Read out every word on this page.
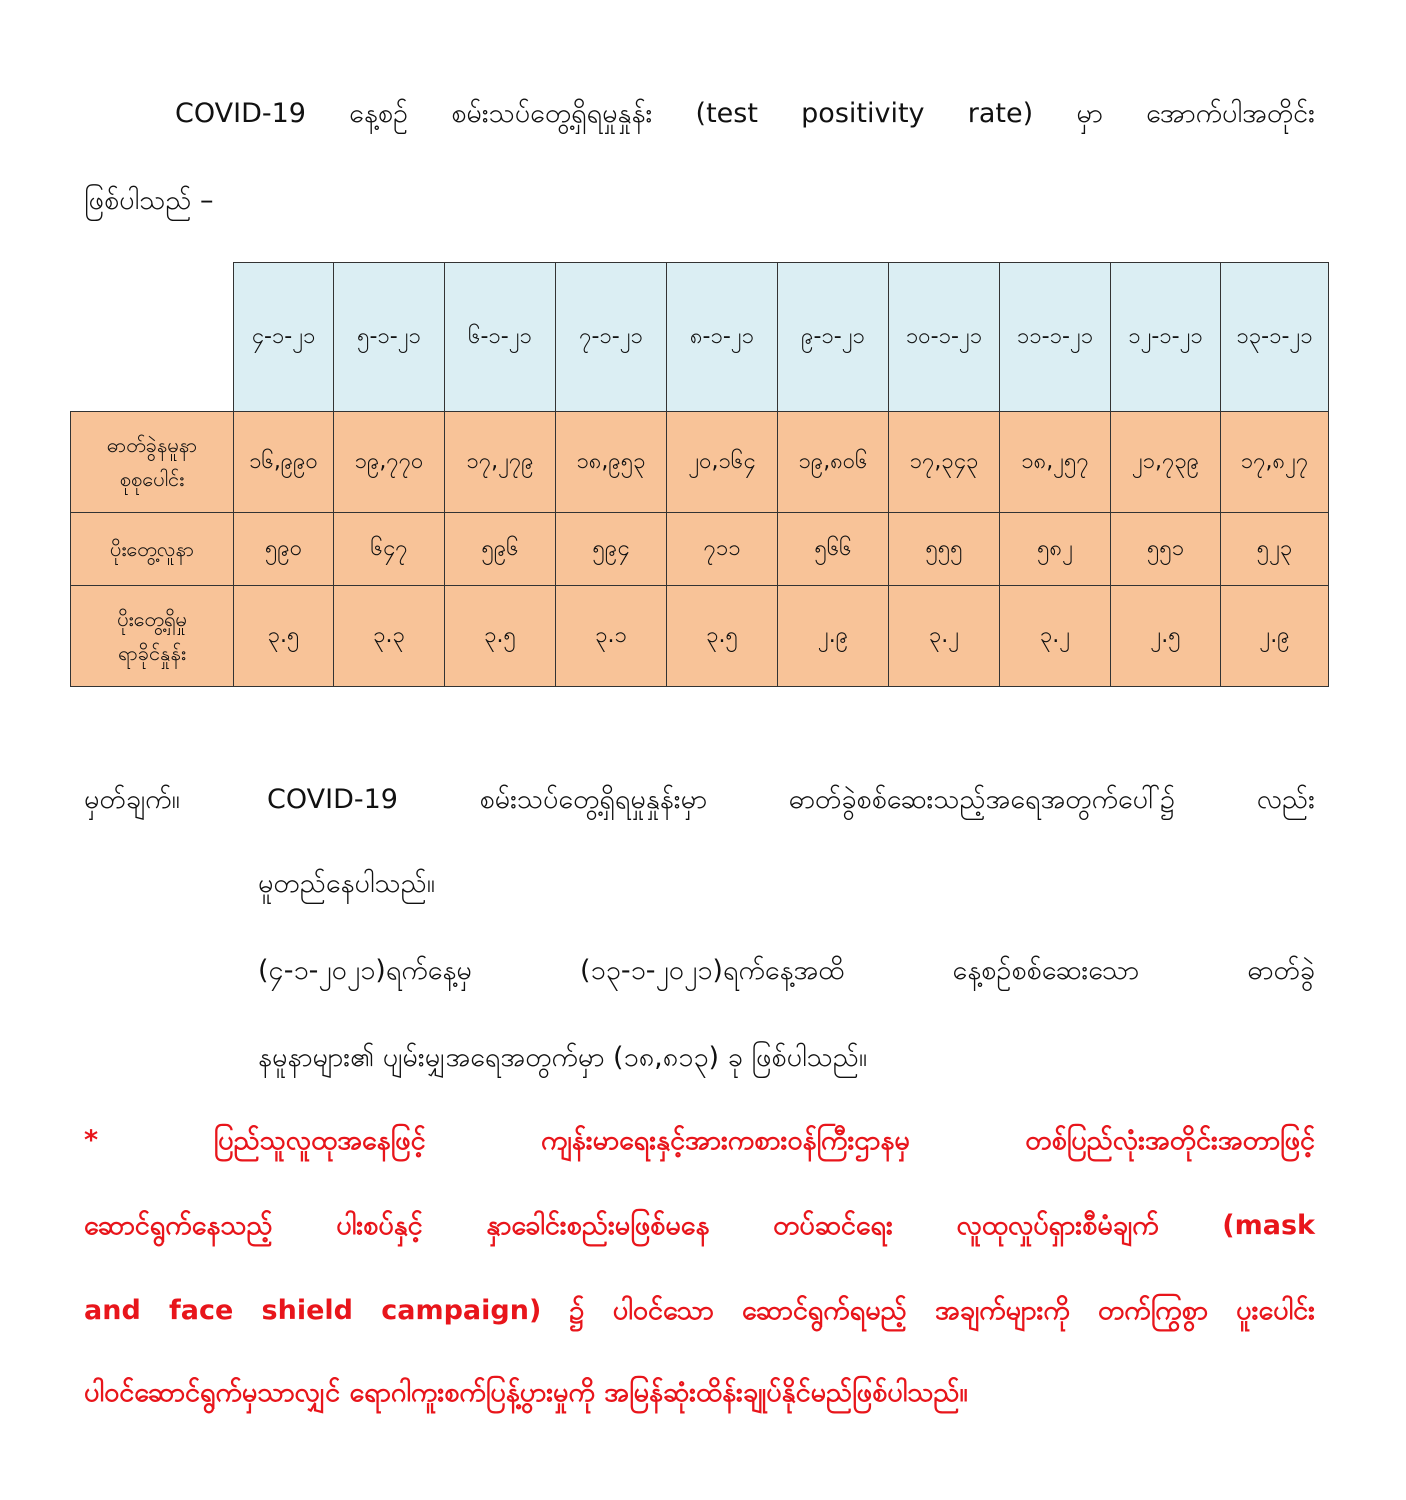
COVID-19 နေ့စဉ် စမ်းသပ်တွေ့ရှိရမှုနှုန်း (test positivity rate) မှာ အောက်ပါအတိုင်း

ဖြစ်ပါသည် –

	၄-၁-၂၁	၅-၁-၂၁	၆-၁-၂၁	၇-၁-၂၁	၈-၁-၂၁	၉-၁-၂၁	၁၀-၁-၂၁	၁၁-၁-၂၁	၁၂-၁-၂၁	၁၃-၁-၂၁

ဓာတ်ခွဲနမူနာ
စုစုပေါင်း	၁၆,၉၉၀	၁၉,၇၇၀	၁၇,၂၇၉	၁၈,၉၅၃	၂၀,၁၆၄	၁၉,၈၀၆	၁၇,၃၄၃	၁၈,၂၅၇	၂၁,၇၃၉	၁၇,၈၂၇

ပိုးတွေ့လူနာ	၅၉၀	၆၄၇	၅၉၆	၅၉၄	၇၁၁	၅၆၆	၅၅၅	၅၈၂	၅၅၁	၅၂၃

ပိုးတွေ့ရှိမှု
ရာခိုင်နှုန်း	၃.၅	၃.၃	၃.၅	၃.၁	၃.၅	၂.၉	၃.၂	၃.၂	၂.၅	၂.၉

မှတ်ချက်။	COVID-19 စမ်းသပ်တွေ့ရှိရမှုနှုန်းမှာ ဓာတ်ခွဲစစ်ဆေးသည့်အရေအတွက်ပေါ်၌ လည်း

မူတည်နေပါသည်။

(၄-၁-၂၀၂၁)ရက်နေ့မှ (၁၃-၁-၂၀၂၁)ရက်နေ့အထိ နေ့စဉ်စစ်ဆေးသော ဓာတ်ခွဲ

နမူနာများ၏ ပျမ်းမျှအရေအတွက်မှာ (၁၈,၈၁၃) ခု ဖြစ်ပါသည်။

* ပြည်သူလူထုအနေဖြင့် ကျန်းမာရေးနှင့်အားကစားဝန်ကြီးဌာနမှ တစ်ပြည်လုံးအတိုင်းအတာဖြင့်

ဆောင်ရွက်နေသည့် ပါးစပ်နှင့် နှာခေါင်းစည်းမဖြစ်မနေ တပ်ဆင်ရေး လူထုလှုပ်ရှားစီမံချက် (mask

and face shield campaign) ၌ ပါဝင်သော ဆောင်ရွက်ရမည့် အချက်များကို တက်ကြွစွာ ပူးပေါင်း

ပါဝင်ဆောင်ရွက်မှသာလျှင် ရောဂါကူးစက်ပြန့်ပွားမှုကို အမြန်ဆုံးထိန်းချုပ်နိုင်မည်ဖြစ်ပါသည်။
